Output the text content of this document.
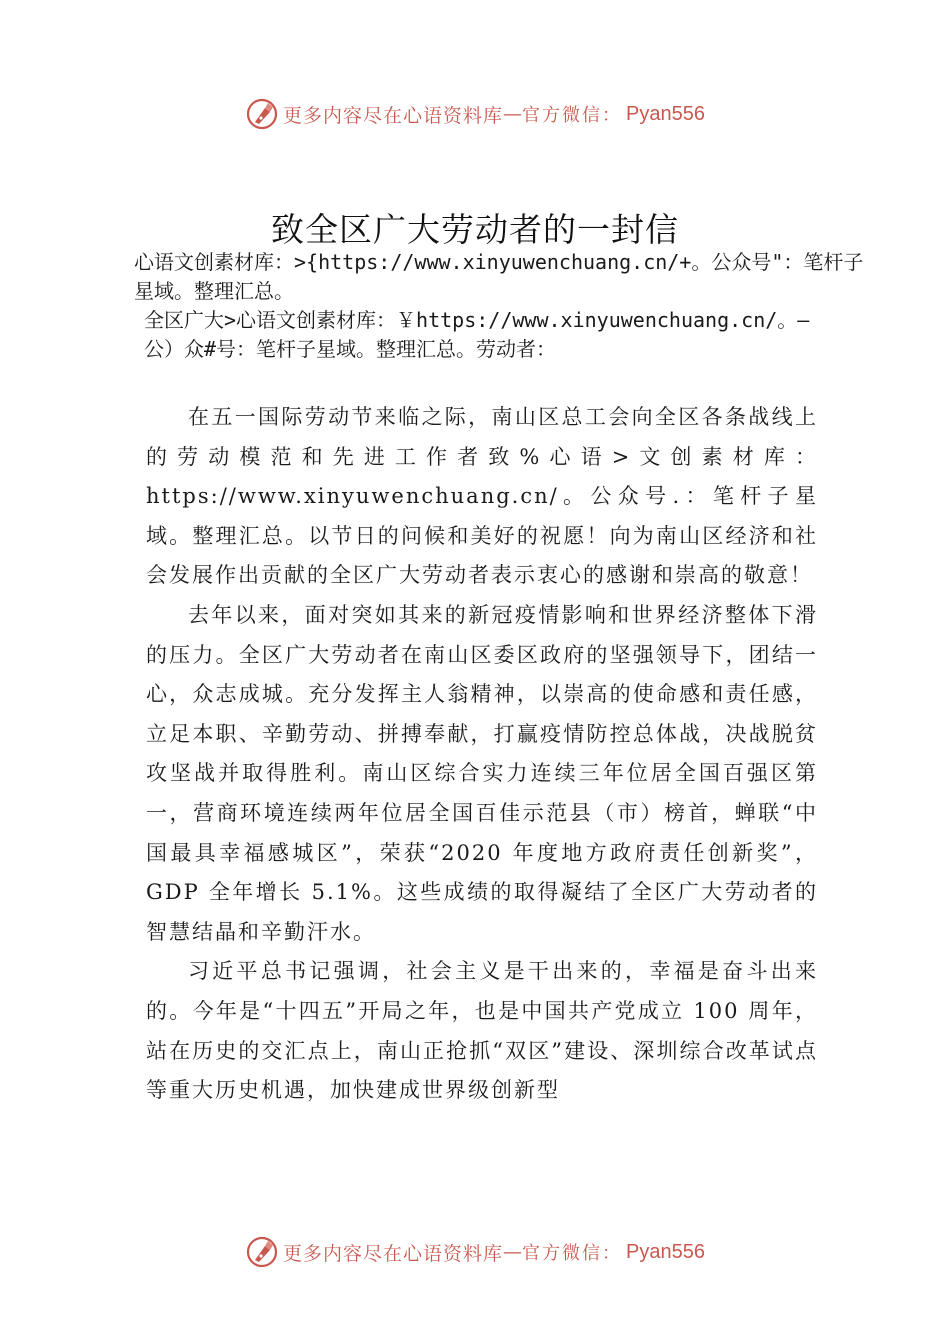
更多内容尽在心语资料库 — 官方微信： Pyan556
致全区广大劳动者的一封信

心语文创素材库：>{https://www.xinyuwenchuang.cn/+。公众号"：笔杆子星域。整理汇总。

全区广大>心语文创素材库：￥https://www.xinyuwenchuang.cn/。—公）众#号：笔杆子星域。整理汇总。劳动者：

在五一国际劳动节来临之际，南山区总工会向全区各条战线上的劳动模范和先进工作者致%心语>文创素材库：https://www.xinyuwenchuang.cn/。公众号.：笔杆子星域。整理汇总。以节日的问候和美好的祝愿！向为南山区经济和社会发展作出贡献的全区广大劳动者表示衷心的感谢和崇高的敬意！

去年以来，面对突如其来的新冠疫情影响和世界经济整体下滑的压力。全区广大劳动者在南山区委区政府的坚强领导下，团结一心，众志成城。充分发挥主人翁精神，以崇高的使命感和责任感，立足本职、辛勤劳动、拼搏奉献，打赢疫情防控总体战，决战脱贫攻坚战并取得胜利。南山区综合实力连续三年位居全国百强区第一，营商环境连续两年位居全国百佳示范县（市）榜首，蝉联“中国最具幸福感城区”，荣获“2020 年度地方政府责任创新奖”，GDP 全年增长 5.1%。这些成绩的取得凝结了全区广大劳动者的智慧结晶和辛勤汗水。

习近平总书记强调，社会主义是干出来的，幸福是奋斗出来的。今年是“十四五”开局之年，也是中国共产党成立 100 周年，站在历史的交汇点上，南山正抢抓“双区”建设、深圳综合改革试点等重大历史机遇，加快建成世界级创新型

更多内容尽在心语资料库 — 官方微信： Pyan556
